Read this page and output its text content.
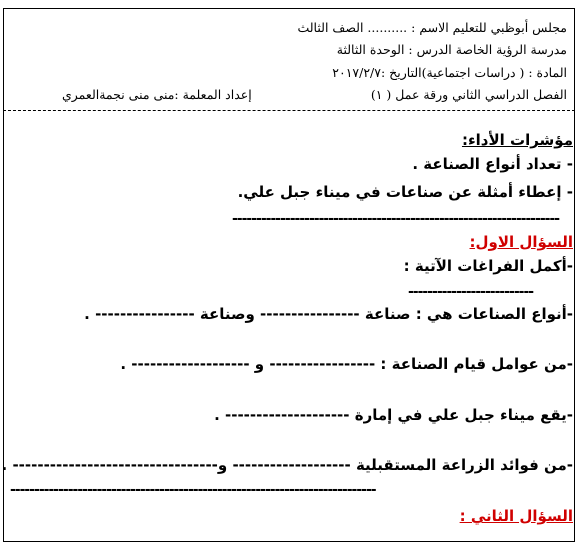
مجلس أبوظبي للتعليم الاسم : .......... الصف الثالث
مدرسة الرؤية الخاصة الدرس : الوحدة الثالثة
المادة : ( دراسات اجتماعية)التاريخ :٢٠١٧/٢/٧
الفصل الدراسي الثاني ورقة عمل ( ١)
إعداد المعلمة :منى منى نجمةالعمري
مؤشرات الأداء:
- تعداد أنواع الصناعة .
- إعطاء أمثلة عن صناعات في ميناء جبل علي.
--------------------------------------------------------------------
السؤال الاول:
-أكمل الفراغات الآتية :
--------------------------
-أنواع الصناعات هي : صناعة ---------------- وصناعة ---------------- .
-من عوامل قيام الصناعة : ----------------- و ------------------- .
-يقع ميناء جبل علي في إمارة -------------------- .
-من فوائد الزراعة المستقبلية ------------------- و--------------------------------- .
----------------------------------------------------------------------------
السؤال الثاني :
